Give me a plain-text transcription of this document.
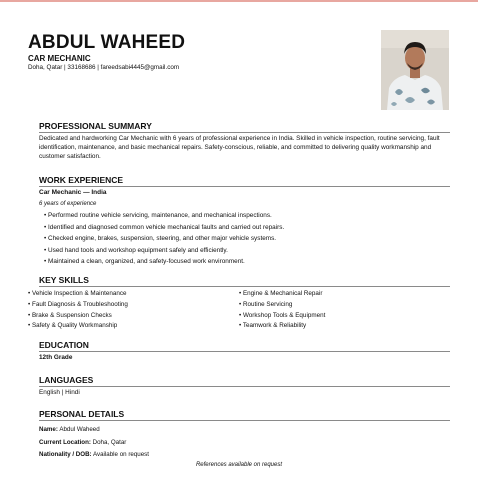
ABDUL WAHEED
CAR MECHANIC
Doha, Qatar | 33168686 | fareedsabi4445@gmail.com
PROFESSIONAL SUMMARY
Dedicated and hardworking Car Mechanic with 6 years of professional experience in India. Skilled in vehicle inspection, routine servicing, fault identification, maintenance, and basic mechanical repairs. Safety-conscious, reliable, and committed to delivering quality workmanship and customer satisfaction.
WORK EXPERIENCE
Car Mechanic — India
6 years of experience
• Performed routine vehicle servicing, maintenance, and mechanical inspections.
• Identified and diagnosed common vehicle mechanical faults and carried out repairs.
• Checked engine, brakes, suspension, steering, and other major vehicle systems.
• Used hand tools and workshop equipment safely and efficiently.
• Maintained a clean, organized, and safety-focused work environment.
KEY SKILLS
• Vehicle Inspection & Maintenance
• Fault Diagnosis & Troubleshooting
• Brake & Suspension Checks
• Safety & Quality Workmanship
• Engine & Mechanical Repair
• Routine Servicing
• Workshop Tools & Equipment
• Teamwork & Reliability
EDUCATION
12th Grade
LANGUAGES
English | Hindi
PERSONAL DETAILS
Name: Abdul Waheed
Current Location: Doha, Qatar
Nationality / DOB: Available on request
References available on request
